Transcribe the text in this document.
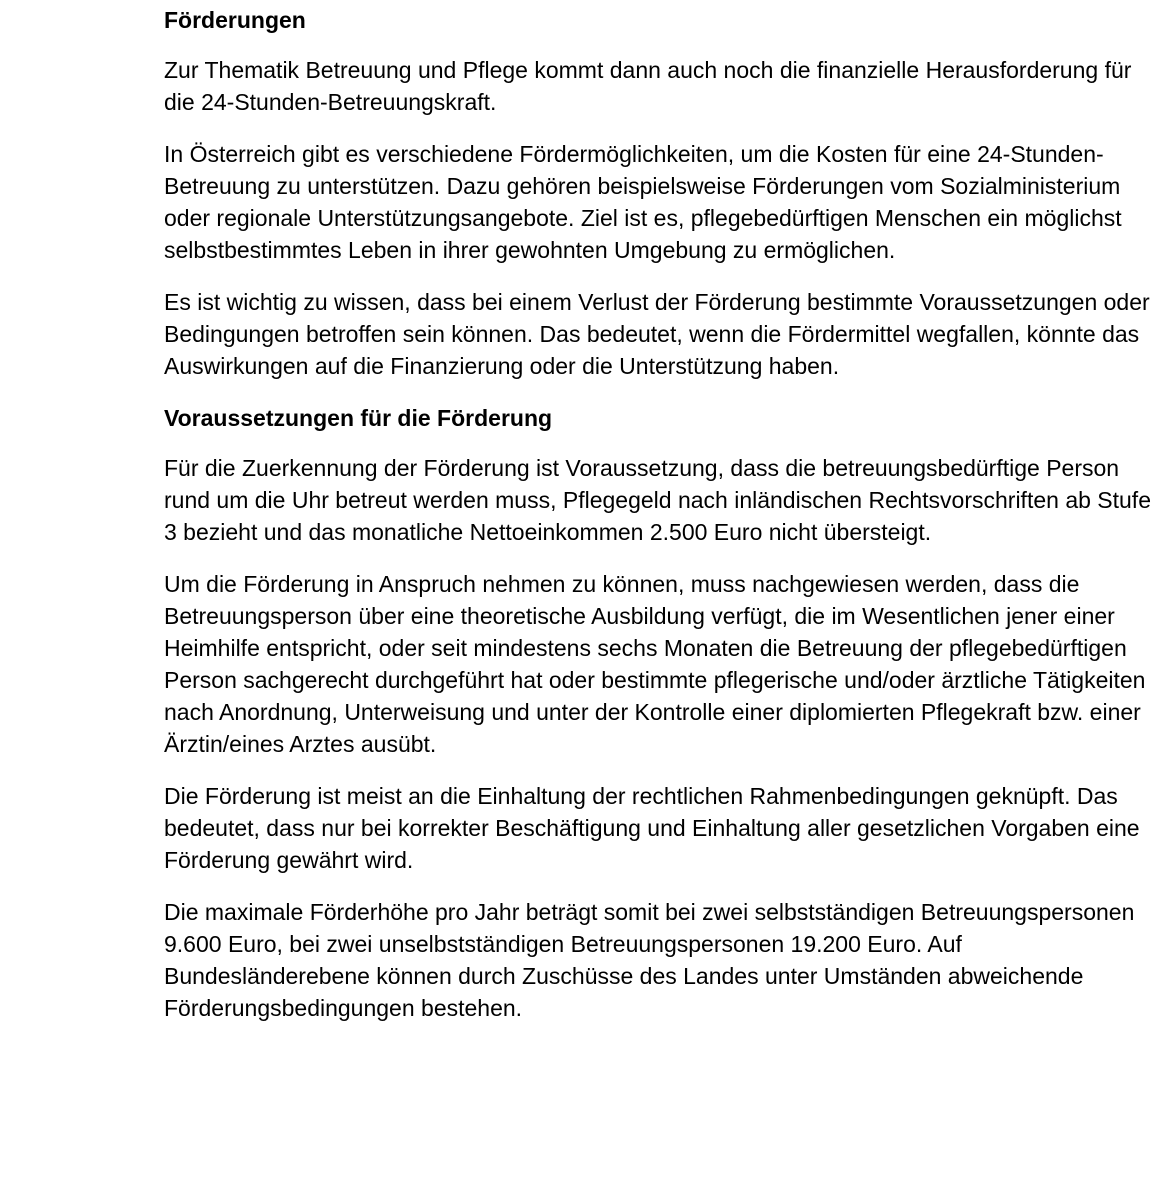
Förderungen

Zur Thematik Betreuung und Pflege kommt dann auch noch die finanzielle Herausforderung für die 24-Stunden-Betreuungskraft.

In Österreich gibt es verschiedene Fördermöglichkeiten, um die Kosten für eine 24-Stunden-Betreuung zu unterstützen. Dazu gehören beispielsweise Förderungen vom Sozialministerium oder regionale Unterstützungsangebote. Ziel ist es, pflegebedürftigen Menschen ein möglichst selbstbestimmtes Leben in ihrer gewohnten Umgebung zu ermöglichen.

Es ist wichtig zu wissen, dass bei einem Verlust der Förderung bestimmte Voraussetzungen oder Bedingungen betroffen sein können. Das bedeutet, wenn die Fördermittel wegfallen, könnte das Auswirkungen auf die Finanzierung oder die Unterstützung haben.

Voraussetzungen für die Förderung

Für die Zuerkennung der Förderung ist Voraussetzung, dass die betreuungsbedürftige Person rund um die Uhr betreut werden muss, Pflegegeld nach inländischen Rechtsvorschriften ab Stufe 3 bezieht und das monatliche Nettoeinkommen 2.500 Euro nicht übersteigt.

Um die Förderung in Anspruch nehmen zu können, muss nachgewiesen werden, dass die Betreuungsperson über eine theoretische Ausbildung verfügt, die im Wesentlichen jener einer Heimhilfe entspricht, oder seit mindestens sechs Monaten die Betreuung der pflegebedürftigen Person sachgerecht durchgeführt hat oder bestimmte pflegerische und/oder ärztliche Tätigkeiten nach Anordnung, Unterweisung und unter der Kontrolle einer diplomierten Pflegekraft bzw. einer Ärztin/eines Arztes ausübt.

Die Förderung ist meist an die Einhaltung der rechtlichen Rahmenbedingungen geknüpft. Das bedeutet, dass nur bei korrekter Beschäftigung und Einhaltung aller gesetzlichen Vorgaben eine Förderung gewährt wird.

Die maximale Förderhöhe pro Jahr beträgt somit bei zwei selbstständigen Betreuungspersonen 9.600 Euro, bei zwei unselbstständigen Betreuungspersonen 19.200 Euro. Auf Bundesländerebene können durch Zuschüsse des Landes unter Umständen abweichende Förderungsbedingungen bestehen.
